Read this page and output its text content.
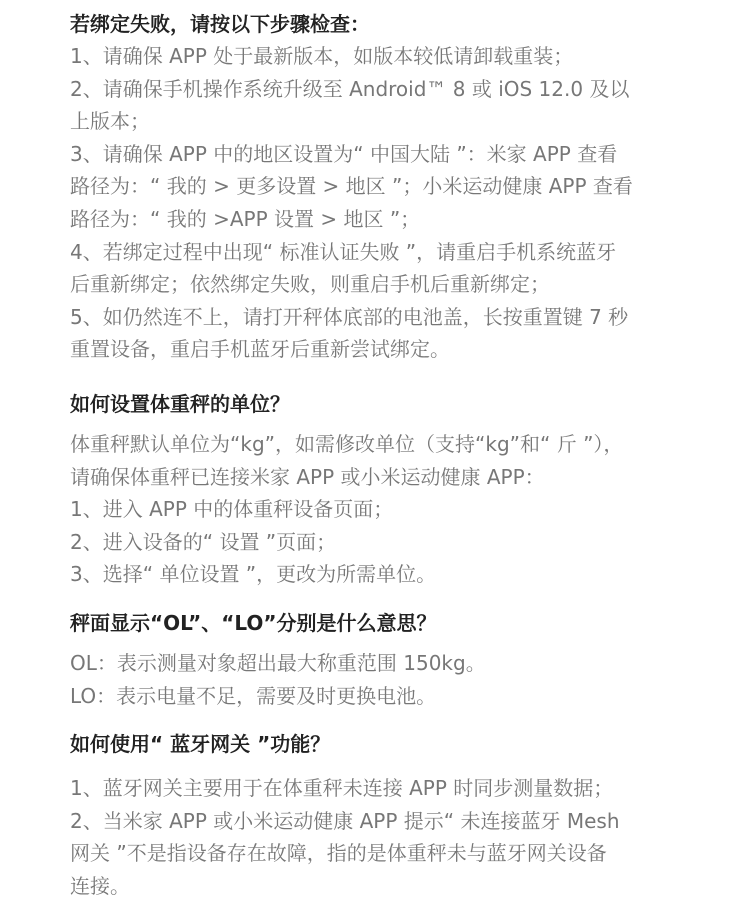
若绑定失败，请按以下步骤检查：

1、请确保 APP 处于最新版本，如版本较低请卸载重装；

2、请确保手机操作系统升级至 Android™ 8 或 iOS 12.0 及以

上版本；

3、请确保 APP 中的地区设置为“ 中国大陆 ”：米家 APP 查看

路径为：“ 我的 > 更多设置 > 地区 ”；小米运动健康 APP 查看

路径为：“ 我的 >APP 设置 > 地区 ”；

4、若绑定过程中出现“ 标准认证失败 ”，请重启手机系统蓝牙

后重新绑定；依然绑定失败，则重启手机后重新绑定；

5、如仍然连不上，请打开秤体底部的电池盖，长按重置键 7 秒

重置设备，重启手机蓝牙后重新尝试绑定。

如何设置体重秤的单位？

体重秤默认单位为“kg”，如需修改单位（支持“kg”和“ 斤 ”），

请确保体重秤已连接米家 APP 或小米运动健康 APP：

1、进入 APP 中的体重秤设备页面；

2、进入设备的“ 设置 ”页面；

3、选择“ 单位设置 ”，更改为所需单位。

秤面显示“OL”、“LO”分别是什么意思？

OL：表示测量对象超出最大称重范围 150kg。

LO：表示电量不足，需要及时更换电池。

如何使用“ 蓝牙网关 ”功能？

1、蓝牙网关主要用于在体重秤未连接 APP 时同步测量数据；

2、当米家 APP 或小米运动健康 APP 提示“ 未连接蓝牙 Mesh

网关 ”不是指设备存在故障，指的是体重秤未与蓝牙网关设备

连接。
